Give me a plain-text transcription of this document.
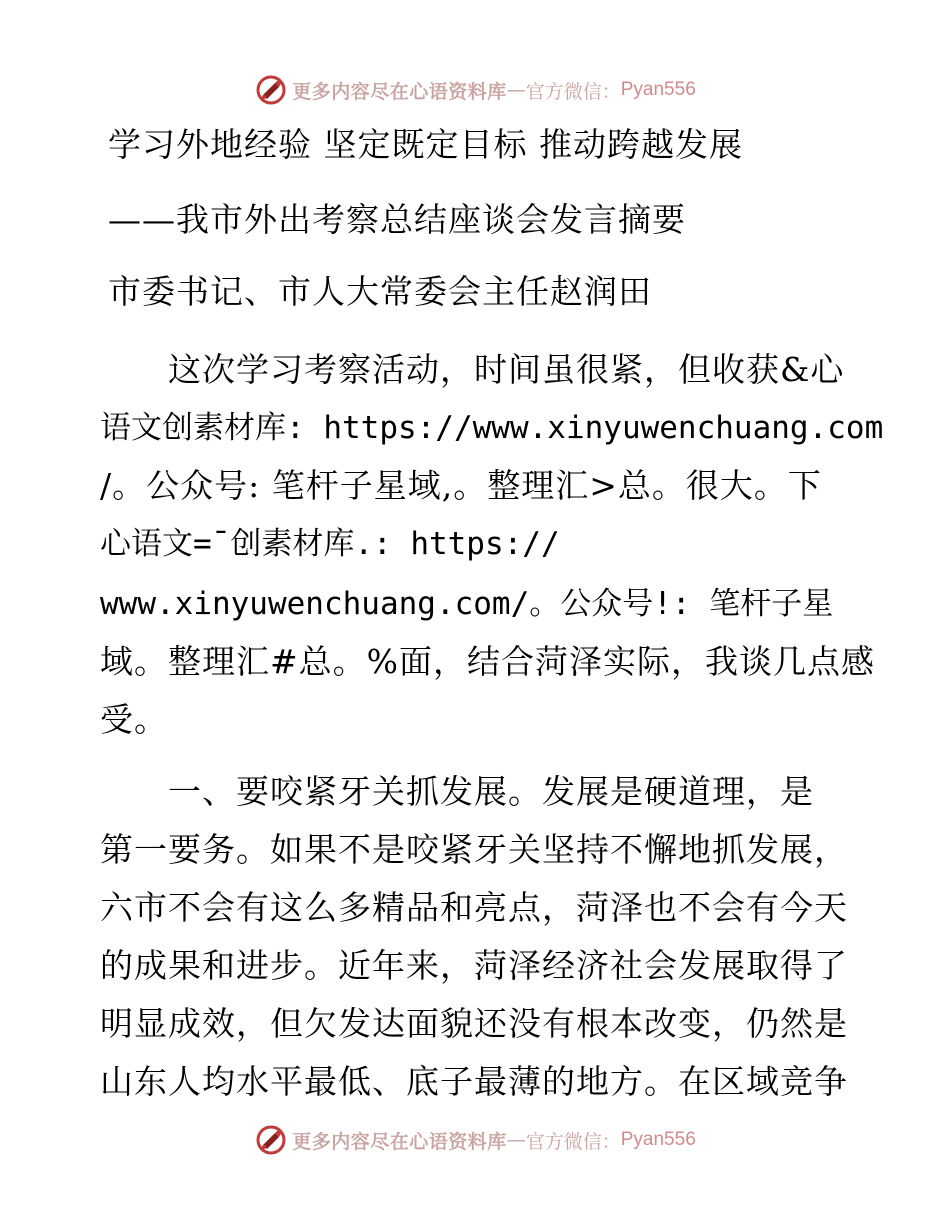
更多内容尽在心语资料库 — 官方微信： Pyan556
学习外地经验 坚定既定目标 推动跨越发展
——我市外出考察总结座谈会发言摘要
市委书记、市人大常委会主任赵润田
　　这次学习考察活动，时间虽很紧，但收获&心
语文创素材库: https://www.xinyuwenchuang.com
/。公众号: 笔杆子星域,。整理汇>总。很大。下
心语文=¯创素材库.: https://
www.xinyuwenchuang.com/。公众号!: 笔杆子星
域。整理汇#总。%面，结合菏泽实际，我谈几点感
受。
　　一、要咬紧牙关抓发展。发展是硬道理，是
第一要务。如果不是咬紧牙关坚持不懈地抓发展，
六市不会有这么多精品和亮点，菏泽也不会有今天
的成果和进步。近年来，菏泽经济社会发展取得了
明显成效，但欠发达面貌还没有根本改变，仍然是
山东人均水平最低、底子最薄的地方。在区域竞争
更多内容尽在心语资料库 — 官方微信： Pyan556
